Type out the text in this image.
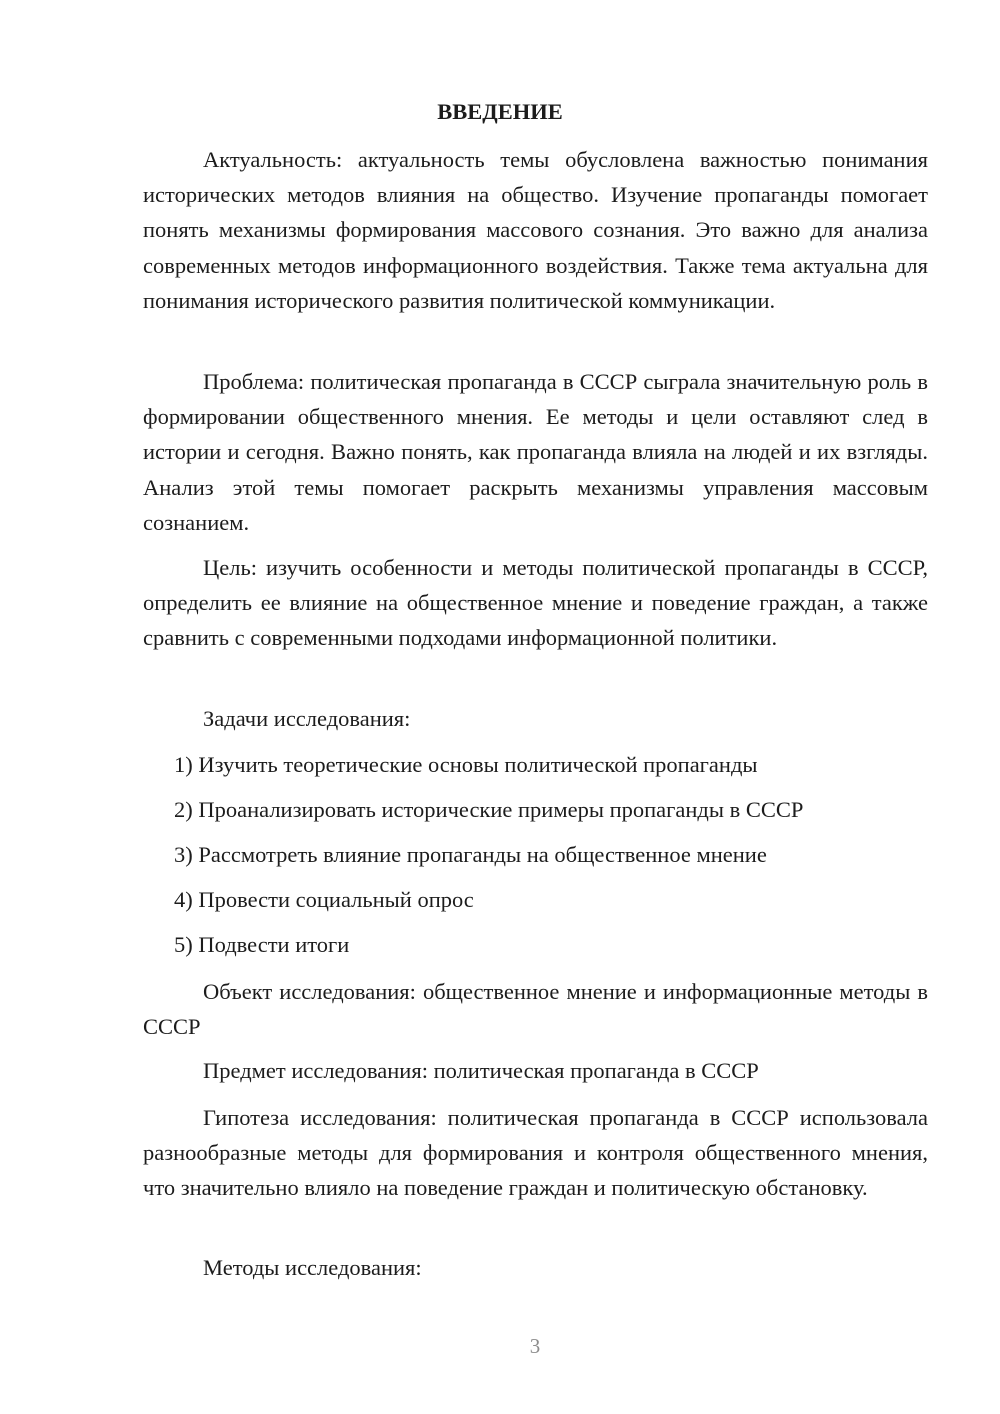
ВВЕДЕНИЕ

Актуальность: актуальность темы обусловлена важностью понимания исторических методов влияния на общество. Изучение пропаганды помогает понять механизмы формирования массового сознания. Это важно для анализа современных методов информационного воздействия. Также тема актуальна для понимания исторического развития политической коммуникации.

Проблема: политическая пропаганда в СССР сыграла значительную роль в формировании общественного мнения. Ее методы и цели оставляют след в истории и сегодня. Важно понять, как пропаганда влияла на людей и их взгляды. Анализ этой темы помогает раскрыть механизмы управления массовым сознанием.

Цель: изучить особенности и методы политической пропаганды в СССР, определить ее влияние на общественное мнение и поведение граждан, а также сравнить с современными подходами информационной политики.

Задачи исследования:

1) Изучить теоретические основы политической пропаганды

2) Проанализировать исторические примеры пропаганды в СССР

3) Рассмотреть влияние пропаганды на общественное мнение

4) Провести социальный опрос

5) Подвести итоги

Объект исследования: общественное мнение и информационные методы в СССР

Предмет исследования: политическая пропаганда в СССР

Гипотеза исследования: политическая пропаганда в СССР использовала разнообразные методы для формирования и контроля общественного мнения, что значительно влияло на поведение граждан и политическую обстановку.

Методы исследования:

3
